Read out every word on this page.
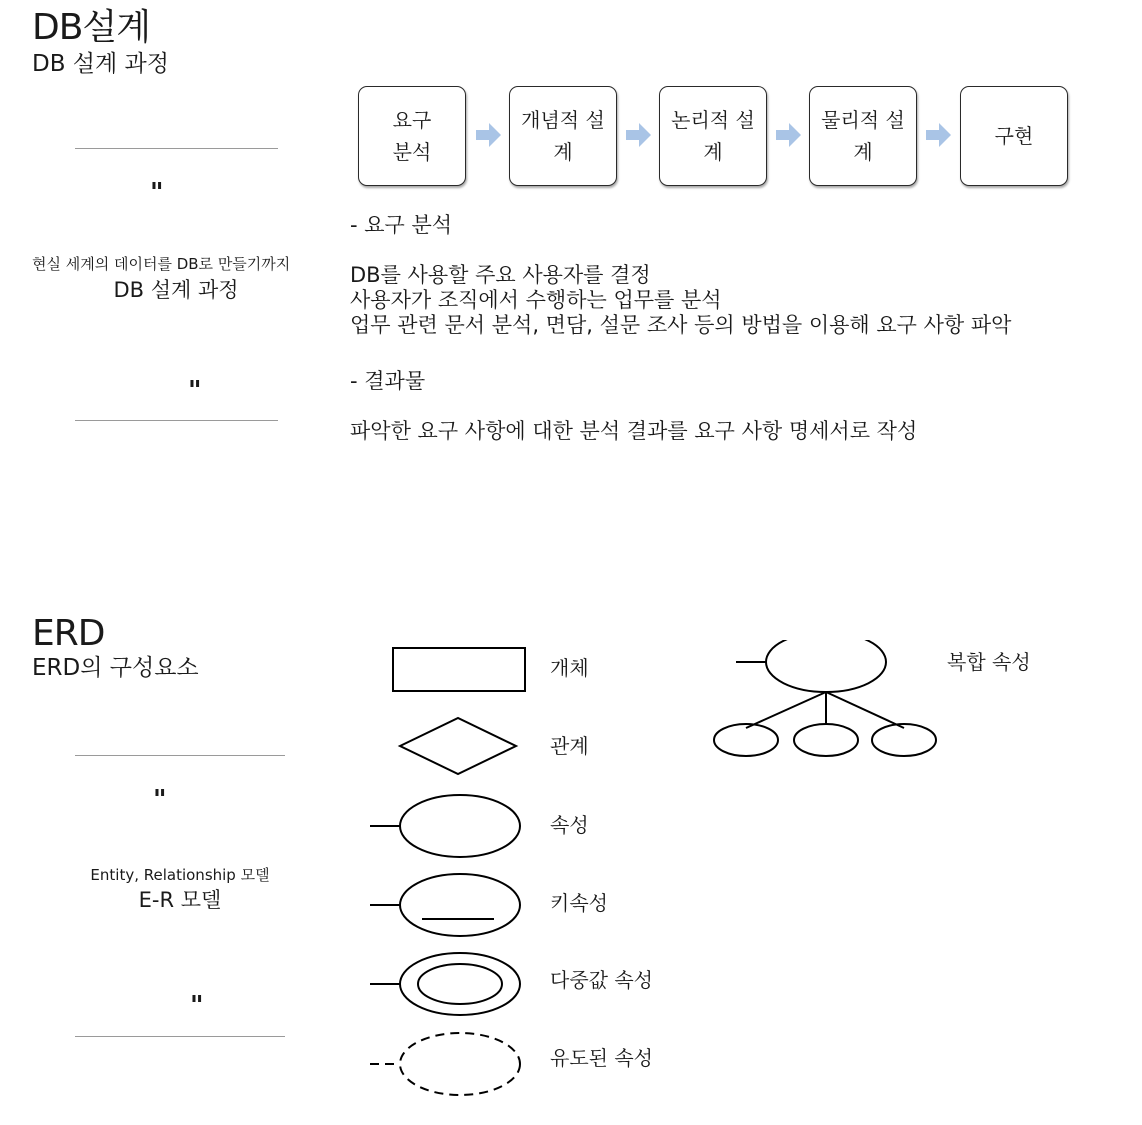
DB설계
DB 설계 과정
"
현실 세계의 데이터를 DB로 만들기까지
DB 설계 과정
"
요구
분석
개념적 설
계
논리적 설
계
물리적 설
계
구현
- 요구 분석
DB를 사용할 주요 사용자를 결정
사용자가 조직에서 수행하는 업무를 분석
업무 관련 문서 분석, 면담, 설문 조사 등의 방법을 이용해 요구 사항 파악
- 결과물
파악한 요구 사항에 대한 분석 결과를 요구 사항 명세서로 작성
ERD
ERD의 구성요소
"
Entity, Relationship 모델
E-R 모델
"
개체
관계
속성
키속성
다중값 속성
유도된 속성
복합 속성
